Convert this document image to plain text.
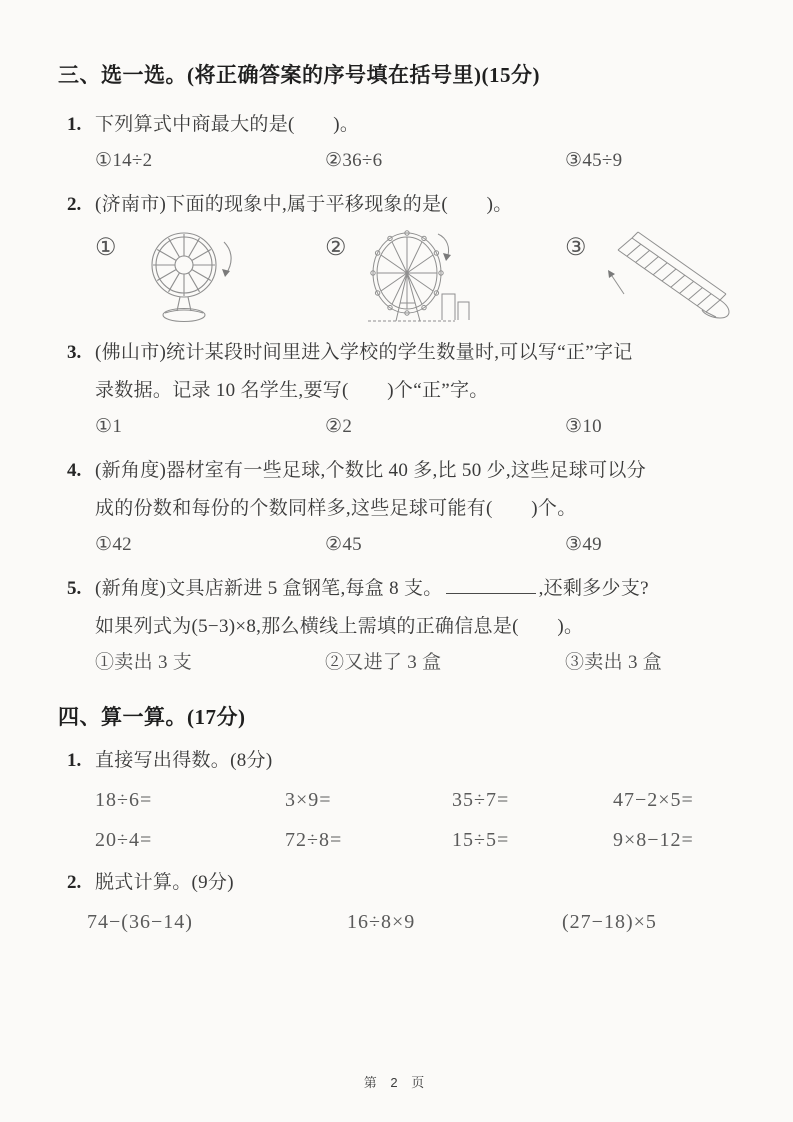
三、选一选。(将正确答案的序号填在括号里)(15分)
1. 下列算式中商最大的是(　　)。
①14÷2	②36÷6	③45÷9
2. (济南市)下面的现象中,属于平移现象的是(　　)。
①	②	③
3. (佛山市)统计某段时间里进入学校的学生数量时,可以写“正”字记
录数据。记录 10 名学生,要写(　　)个“正”字。
①1	②2	③10
4. (新角度)器材室有一些足球,个数比 40 多,比 50 少,这些足球可以分
成的份数和每份的个数同样多,这些足球可能有(　　)个。
①42	②45	③49
5. (新角度)文具店新进 5 盒钢笔,每盒 8 支。	,还剩多少支?
如果列式为(5−3)×8,那么横线上需填的正确信息是(　　)。
①卖出 3 支	②又进了 3 盒	③卖出 3 盒
四、算一算。(17分)
1. 直接写出得数。(8分)
18÷6=	3×9=	35÷7=	47−2×5=
20÷4=	72÷8=	15÷5=	9×8−12=
2. 脱式计算。(9分)
74−(36−14)	16÷8×9	(27−18)×5
第 2 页
